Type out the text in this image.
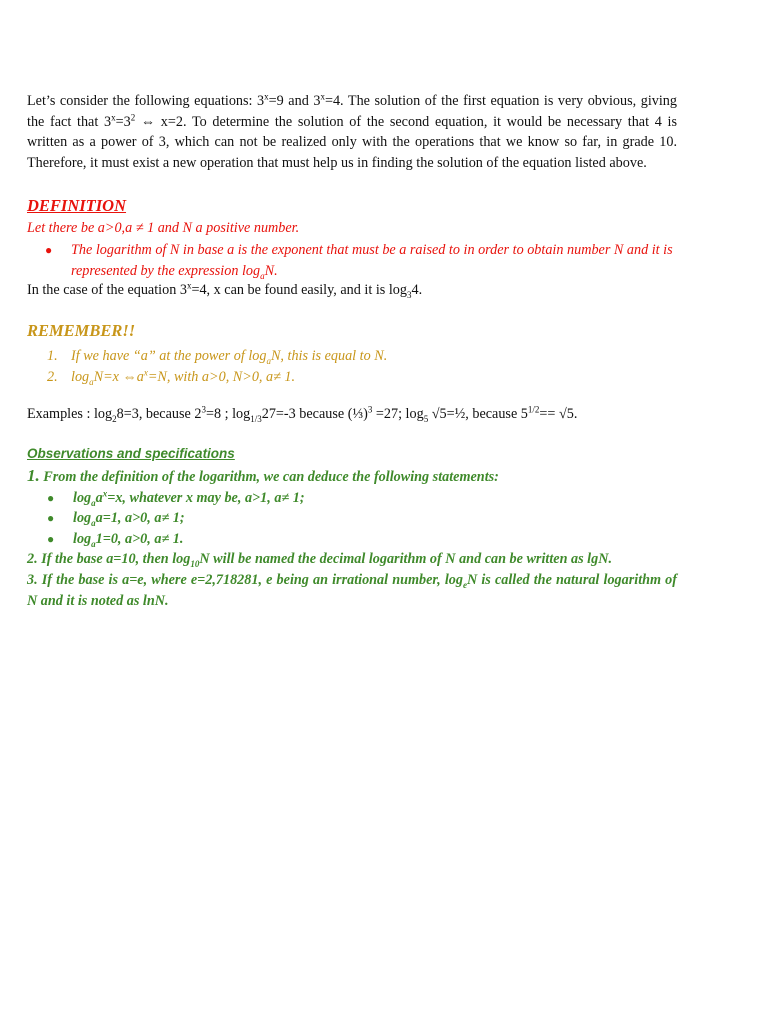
Let’s consider the following equations: $3^x=9$ and $3^x=4$. The solution of the first equation is very obvious, giving the fact that $3^x=3^2$ ⇔ x=2. To determine the solution of the second equation, it would be necessary that 4 is written as a power of 3, which can not be realized only with the operations that we know so far, in grade 10. Therefore, it must exist a new operation that must help us in finding the solution of the equation listed above.

DEFINITION

Let there be a>0,a ≠ 1 and N a positive number.

●	The logarithm of N in base a is the exponent that must be a raised to in order to obtain number N and it is represented by the expression $\log_aN$.

In the case of the equation $3^x=4$, x can be found easily, and it is $\log_34$.

REMEMBER!!

1. If we have “a” at the power of $\log_aN$, this is equal to N.
2. $\log_aN=x$ $\Leftrightarrow a^x=N$, with a>0, N>0, a≠ 1.

Examples : $\log_28=3$, because $2^3=8$ ; $\log_{1/3}27=-3$ because (⅓)$^3$ =27; $\log_5$ √5=½, because $5^{1/2}== √5$.

Observations and specifications

1. From the definition of the logarithm, we can deduce the following statements:
● $\log_aa^x=x$, whatever x may be, a>1, a≠ 1;
● $\log_aa=1$, a>0, a≠ 1;
● $\log_a1=0$, a>0, a≠ 1.
2. If the base a=10, then $\log_{10}N$ will be named the decimal logarithm of N and can be written as lgN.
3. If the base is a=e, where e=2,718281, e being an irrational number, $\log_eN$ is called the natural logarithm of N and it is noted as lnN.
